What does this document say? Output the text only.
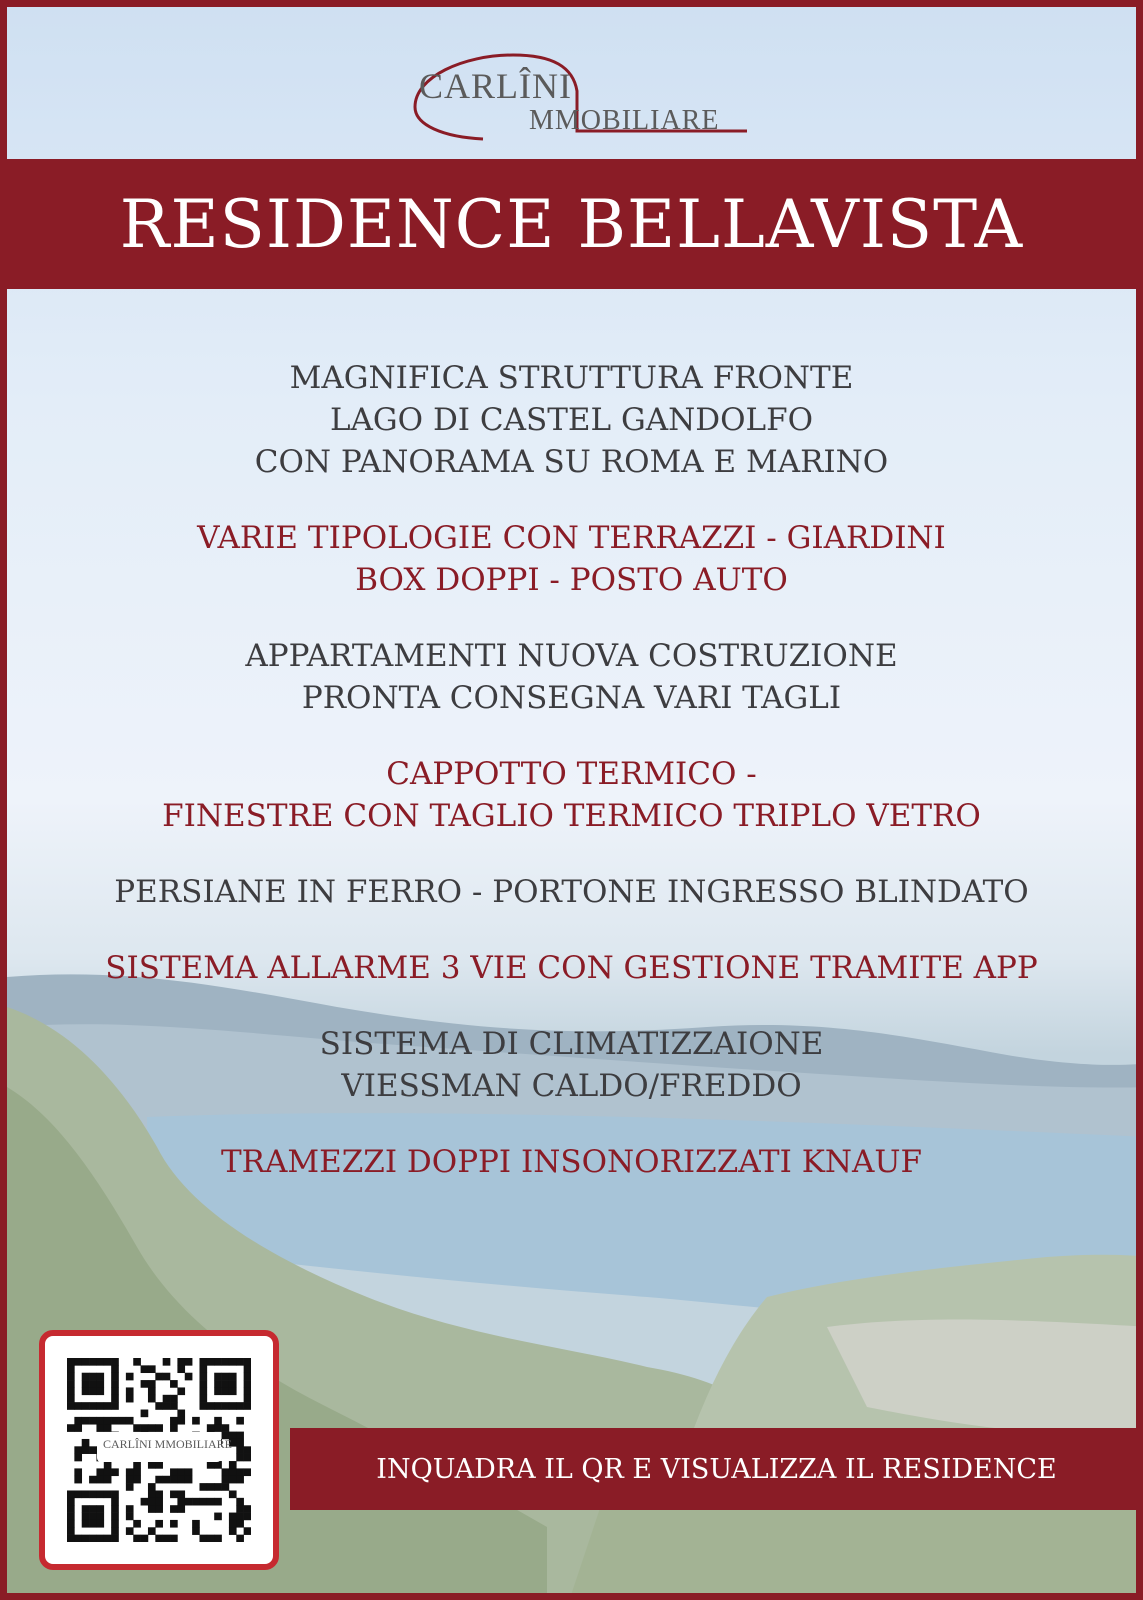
CARLÎNI
MMOBILIARE
RESIDENCE BELLAVISTA
MAGNIFICA STRUTTURA FRONTE
LAGO DI CASTEL GANDOLFO
CON PANORAMA SU ROMA E MARINO
VARIE TIPOLOGIE CON TERRAZZI - GIARDINI
BOX DOPPI - POSTO AUTO
APPARTAMENTI NUOVA COSTRUZIONE
PRONTA CONSEGNA VARI TAGLI
CAPPOTTO TERMICO -
FINESTRE CON TAGLIO TERMICO TRIPLO VETRO
PERSIANE IN FERRO - PORTONE INGRESSO BLINDATO
SISTEMA ALLARME 3 VIE CON GESTIONE TRAMITE APP
SISTEMA DI CLIMATIZZAIONE
VIESSMAN CALDO/FREDDO
TRAMEZZI DOPPI INSONORIZZATI KNAUF
CARLÎNI MMOBILIARE
INQUADRA IL QR E VISUALIZZA IL RESIDENCE
